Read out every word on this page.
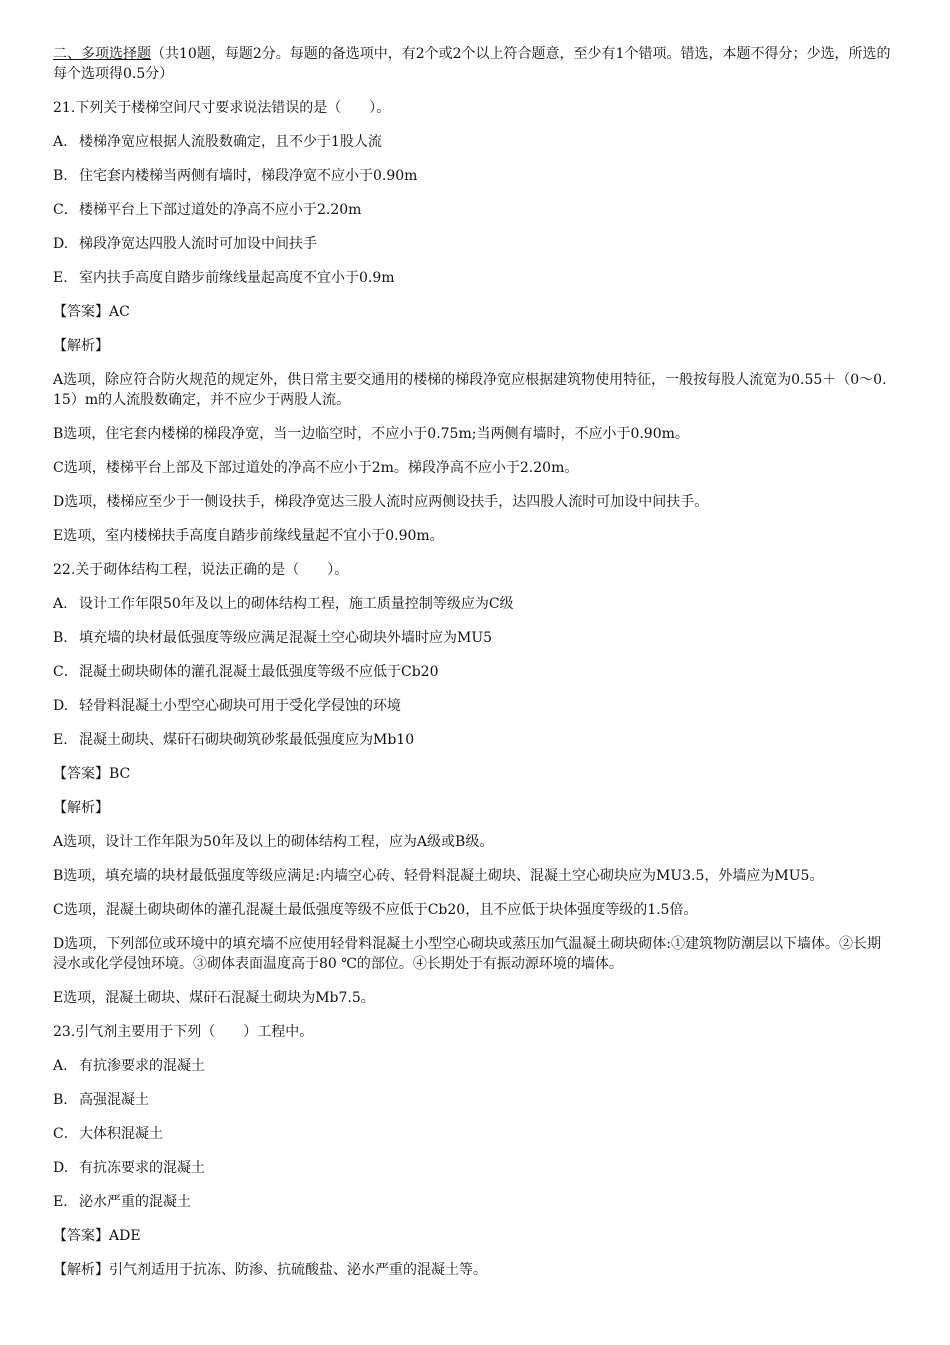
二、多项选择题（共10题，每题2分。每题的备选项中，有2个或2个以上符合题意，至少有1个错项。错选，本题不得分；少选，所选的每个选项得0.5分）

21.下列关于楼梯空间尺寸要求说法错误的是（　　）。

A. 楼梯净宽应根据人流股数确定，且不少于1股人流

B. 住宅套内楼梯当两侧有墙时，梯段净宽不应小于0.90m

C．楼梯平台上下部过道处的净高不应小于2.20m

D. 梯段净宽达四股人流时可加设中间扶手

E. 室内扶手高度自踏步前缘线量起高度不宜小于0.9m

【答案】AC

【解析】

A选项，除应符合防火规范的规定外，供日常主要交通用的楼梯的梯段净宽应根据建筑物使用特征，一般按每股人流宽为0.55＋（0～0.15）m的人流股数确定，并不应少于两股人流。

B选项，住宅套内楼梯的梯段净宽，当一边临空时，不应小于0.75m;当两侧有墙时，不应小于0.90m。

C选项，楼梯平台上部及下部过道处的净高不应小于2m。梯段净高不应小于2.20m。

D选项，楼梯应至少于一侧设扶手，梯段净宽达三股人流时应两侧设扶手，达四股人流时可加设中间扶手。

E选项，室内楼梯扶手高度自踏步前缘线量起不宜小于0.90m。

22.关于砌体结构工程，说法正确的是（　　）。

A. 设计工作年限50年及以上的砌体结构工程，施工质量控制等级应为C级

B. 填充墙的块材最低强度等级应满足混凝土空心砌块外墙时应为MU5

C．混凝土砌块砌体的灌孔混凝土最低强度等级不应低于Cb20

D. 轻骨料混凝土小型空心砌块可用于受化学侵蚀的环境

E. 混凝土砌块、煤矸石砌块砌筑砂浆最低强度应为Mb10

【答案】BC

【解析】

A选项，设计工作年限为50年及以上的砌体结构工程，应为A级或B级。

B选项，填充墙的块材最低强度等级应满足:内墙空心砖、轻骨料混凝土砌块、混凝土空心砌块应为MU3.5，外墙应为MU5。

C选项，混凝土砌块砌体的灌孔混凝土最低强度等级不应低于Cb20，且不应低于块体强度等级的1.5倍。

D选项，下列部位或环境中的填充墙不应使用轻骨料混凝土小型空心砌块或蒸压加气温凝土砌块砌体:①建筑物防潮层以下墙体。②长期浸水或化学侵蚀环境。③砌体表面温度高于80 ℃的部位。④长期处于有振动源环境的墙体。

E选项，混凝土砌块、煤矸石混凝土砌块为Mb7.5。

23.引气剂主要用于下列（　　）工程中。

A. 有抗渗要求的混凝土

B. 高强混凝土

C．大体积混凝土

D. 有抗冻要求的混凝土

E. 泌水严重的混凝土

【答案】ADE

【解析】引气剂适用于抗冻、防渗、抗硫酸盐、泌水严重的混凝土等。
